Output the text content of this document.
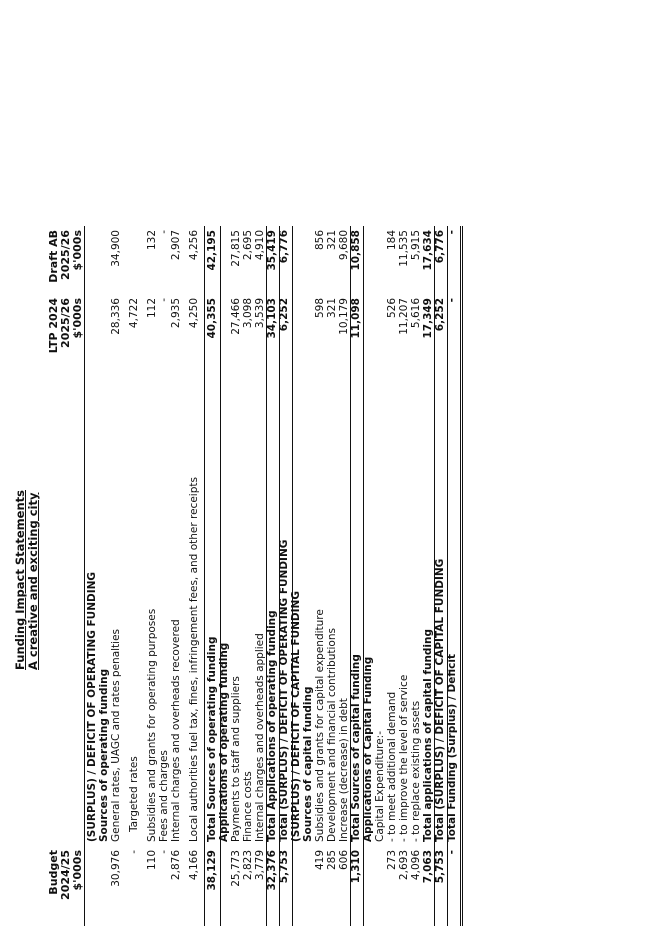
Funding Impact Statements A creative and exciting city
Budget 2024/25 $'000s
LTP 2024 2025/26 $'000s
Draft AB 2025/26 $'000s
(SURPLUS) / DEFICIT OF OPERATING FUNDING Sources of operating funding General rates, UAGC and rates penalties
30,976
28,336
34,900
Targeted rates
-
4,722
Subsidies and grants for operating purposes
110
112
132
Fees and charges
-
-
-
Internal charges and overheads recovered
2,876
2,935
2,907
Local authorities fuel tax, fines, infringement fees, and other receipts
4,166
4,250
4,256
Total Sources of operating funding
38,129
40,355
42,195
Applications of operating funding Payments to staff and suppliers
25,773
27,466
27,815
Finance costs
2,823
3,098
2,695
Internal charges and overheads applied
3,779
3,539
4,910
Total Applications of operating funding
32,376
34,103
35,419
Total (SURPLUS) / DEFICIT OF OPERATING FUNDING
5,753
6,252
6,776
(SURPLUS) / DEFICIT OF CAPITAL FUNDING Sources of capital funding Subsidies and grants for capital expenditure
419
598
856
Development and financial contributions
285
321
321
Increase (decrease) in debt
606
10,179
9,680
Total Sources of capital funding
1,310
11,098
10,858
Applications of Capital Funding Capital Expenditure:- - to meet additional demand
273
526
184
- to improve the level of service
2,693
11,207
11,535
- to replace existing assets
4,096
5,616
5,915
Total applications of capital funding
7,063
17,349
17,634
Total (SURPLUS) / DEFICIT OF CAPITAL FUNDING
5,753
6,252
6,776
Total Funding (Surplus) / Deficit
-
-
-
